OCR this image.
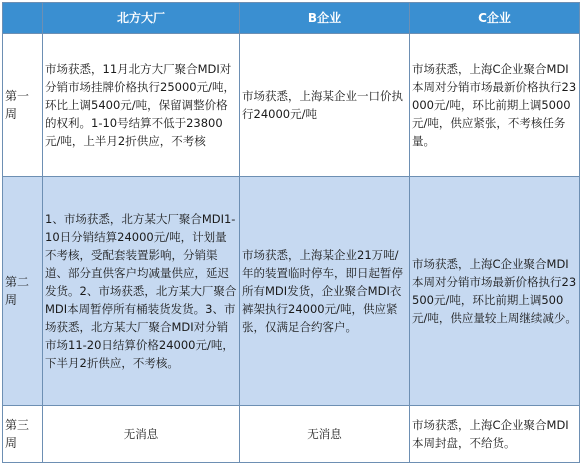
	北方大厂	B企业	C企业
第一周	市场获悉，11月北方大厂聚合MDI对分销市场挂牌价格执行25000元/吨，环比上调5400元/吨，保留调整价格的权利。1-10号结算不低于23800元/吨，上半月2折供应，不考核	市场获悉，上海某企业一口价执行24000元/吨	市场获悉，上海C企业聚合MDI本周对分销市场最新价格执行23000元/吨，环比前期上调5000元/吨，供应紧张，不考核任务量。
第二周	1、市场获悉，北方某大厂聚合MDI1-10日分销结算24000元/吨，计划量不考核，受配套装置影响，分销渠道、部分直供客户均减量供应，延迟发货。2、市场获悉，北方某大厂聚合MDI本周暂停所有桶装货发货。3、市场获悉，北方某大厂聚合MDI对分销市场11-20日结算价格24000元/吨，下半月2折供应，不考核。	市场获悉，上海某企业21万吨/年的装置临时停车，即日起暂停所有MDI发货，企业聚合MDI衣裤架执行24000元/吨，供应紧张，仅满足合约客户。	市场获悉，上海C企业聚合MDI本周对分销市场最新价格执行23500元/吨，环比前期上调500元/吨，供应量较上周继续减少。
第三周	无消息	无消息	市场获悉，上海C企业聚合MDI本周封盘，不给货。
